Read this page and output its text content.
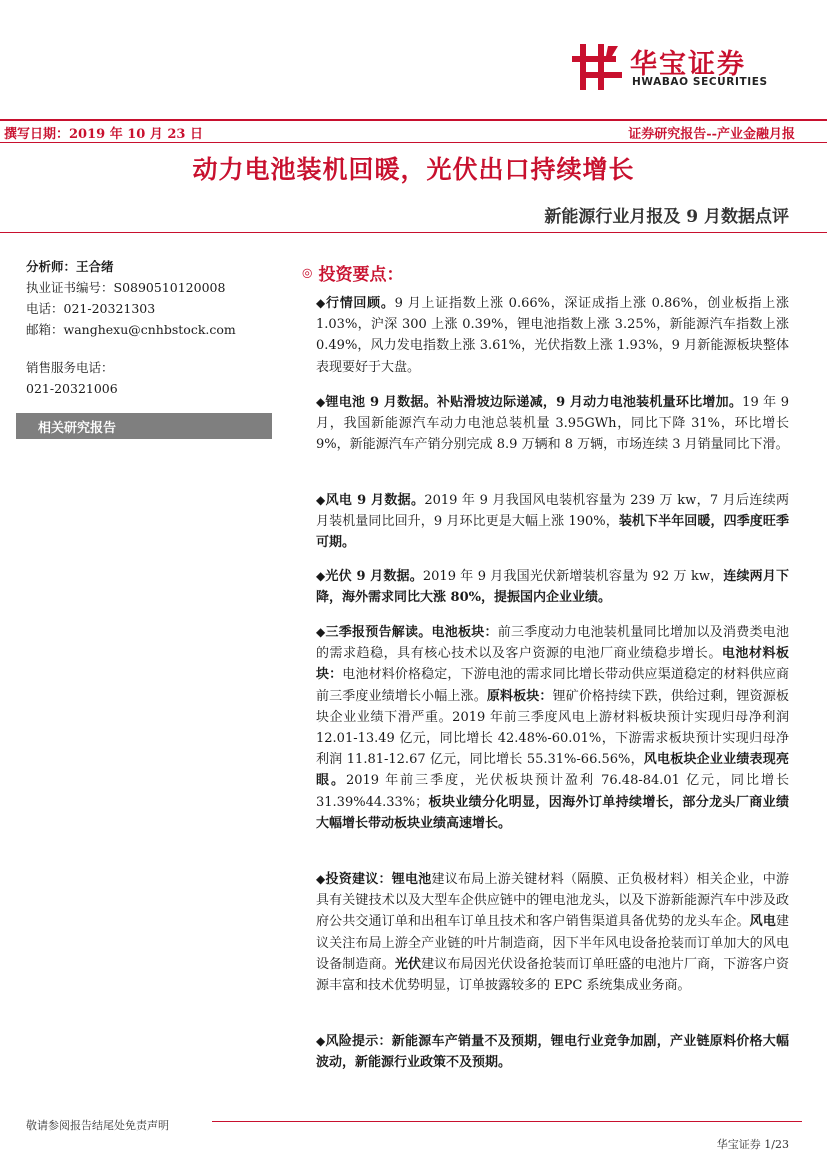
华宝证券
HWABAO SECURITIES
撰写日期：2019 年 10 月 23 日	证券研究报告--产业金融月报
动力电池装机回暖，光伏出口持续增长
新能源行业月报及 9 月数据点评
分析师：王合绪
执业证书编号：S0890510120008
电话：021-20321303
邮箱：wanghexu@cnhbstock.com
销售服务电话：
021-20321006
相关研究报告
◎ 投资要点：
◆行情回顾。9 月上证指数上涨 0.66%，深证成指上涨 0.86%，创业板指上涨 1.03%，沪深 300 上涨 0.39%，锂电池指数上涨 3.25%，新能源汽车指数上涨 0.49%，风力发电指数上涨 3.61%，光伏指数上涨 1.93%，9 月新能源板块整体表现要好于大盘。
◆锂电池 9 月数据。补贴滑坡边际递减，9 月动力电池装机量环比增加。19 年 9 月，我国新能源汽车动力电池总装机量 3.95GWh，同比下降 31%，环比增长 9%，新能源汽车产销分别完成 8.9 万辆和 8 万辆，市场连续 3 月销量同比下滑。
◆风电 9 月数据。2019 年 9 月我国风电装机容量为 239 万 kw，7 月后连续两月装机量同比回升，9 月环比更是大幅上涨 190%，装机下半年回暖，四季度旺季可期。
◆光伏 9 月数据。2019 年 9 月我国光伏新增装机容量为 92 万 kw，连续两月下降，海外需求同比大涨 80%，提振国内企业业绩。
◆三季报预告解读。电池板块：前三季度动力电池装机量同比增加以及消费类电池的需求趋稳，具有核心技术以及客户资源的电池厂商业绩稳步增长。电池材料板块：电池材料价格稳定，下游电池的需求同比增长带动供应渠道稳定的材料供应商前三季度业绩增长小幅上涨。原料板块：锂矿价格持续下跌，供给过剩，锂资源板块企业业绩下滑严重。2019 年前三季度风电上游材料板块预计实现归母净利润 12.01-13.49 亿元，同比增长 42.48%-60.01%，下游需求板块预计实现归母净利润 11.81-12.67 亿元，同比增长 55.31%-66.56%，风电板块企业业绩表现亮眼。2019 年前三季度，光伏板块预计盈利 76.48-84.01 亿元，同比增长 31.39%44.33%；板块业绩分化明显，因海外订单持续增长，部分龙头厂商业绩大幅增长带动板块业绩高速增长。
◆投资建议：锂电池建议布局上游关键材料（隔膜、正负极材料）相关企业，中游具有关键技术以及大型车企供应链中的锂电池龙头，以及下游新能源汽车中涉及政府公共交通订单和出租车订单且技术和客户销售渠道具备优势的龙头车企。风电建议关注布局上游全产业链的叶片制造商，因下半年风电设备抢装而订单加大的风电设备制造商。光伏建议布局因光伏设备抢装而订单旺盛的电池片厂商，下游客户资源丰富和技术优势明显，订单披露较多的 EPC 系统集成业务商。
◆风险提示：新能源车产销量不及预期，锂电行业竞争加剧，产业链原料价格大幅波动，新能源行业政策不及预期。
敬请参阅报告结尾处免责声明
华宝证券 1/23
